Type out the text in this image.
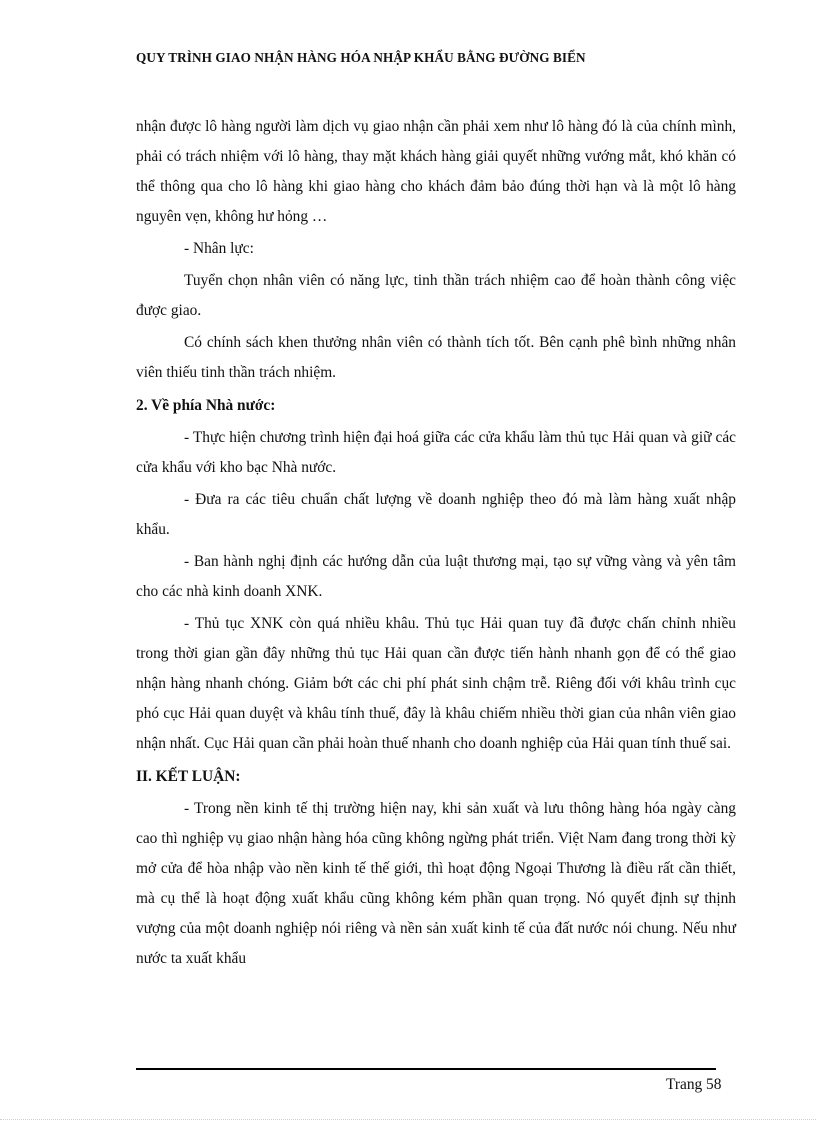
QUY TRÌNH GIAO NHẬN HÀNG HÓA NHẬP KHẨU BẰNG ĐƯỜNG BIỂN

nhận được lô hàng người làm dịch vụ giao nhận cần phải xem như lô hàng đó là của chính mình, phải có trách nhiệm với lô hàng, thay mặt khách hàng giải quyết những vướng mắt, khó khăn có thể thông qua cho lô hàng khi giao hàng cho khách đảm bảo đúng thời hạn và là một lô hàng nguyên vẹn, không hư hỏng …

- Nhân lực:

Tuyển chọn nhân viên có năng lực, tinh thần trách nhiệm cao để hoàn thành công việc được giao.

Có chính sách khen thưởng nhân viên có thành tích tốt. Bên cạnh phê bình những nhân viên thiếu tinh thần trách nhiệm.

2. Về phía Nhà nước:

- Thực hiện chương trình hiện đại hoá giữa các cửa khẩu làm thủ tục Hải quan và giữ các cửa khẩu với kho bạc Nhà nước.

- Đưa ra các tiêu chuẩn chất lượng về doanh nghiệp theo đó mà làm hàng xuất nhập khẩu.

- Ban hành nghị định các hướng dẫn của luật thương mại, tạo sự vững vàng và yên tâm cho các nhà kinh doanh XNK.

- Thủ tục XNK còn quá nhiều khâu. Thủ tục Hải quan tuy đã được chấn chỉnh nhiều trong thời gian gần đây những thủ tục Hải quan cần được tiến hành nhanh gọn để có thể giao nhận hàng nhanh chóng. Giảm bớt các chi phí phát sinh chậm trễ. Riêng đối với khâu trình cục phó cục Hải quan duyệt và khâu tính thuế, đây là khâu chiếm nhiều thời gian của nhân viên giao nhận nhất. Cục Hải quan cần phải hoàn thuế nhanh cho doanh nghiệp của Hải quan tính thuế sai.

II. KẾT LUẬN:

- Trong nền kinh tế thị trường hiện nay, khi sản xuất và lưu thông hàng hóa ngày càng cao thì nghiệp vụ giao nhận hàng hóa cũng không ngừng phát triển. Việt Nam đang trong thời kỳ mở cửa để hòa nhập vào nền kinh tế thế giới, thì hoạt động Ngoại Thương là điều rất cần thiết, mà cụ thể là hoạt động xuất khẩu cũng không kém phần quan trọng. Nó quyết định sự thịnh vượng của một doanh nghiệp nói riêng và nền sản xuất kinh tế của đất nước nói chung. Nếu như nước ta xuất khẩu

Trang 58
